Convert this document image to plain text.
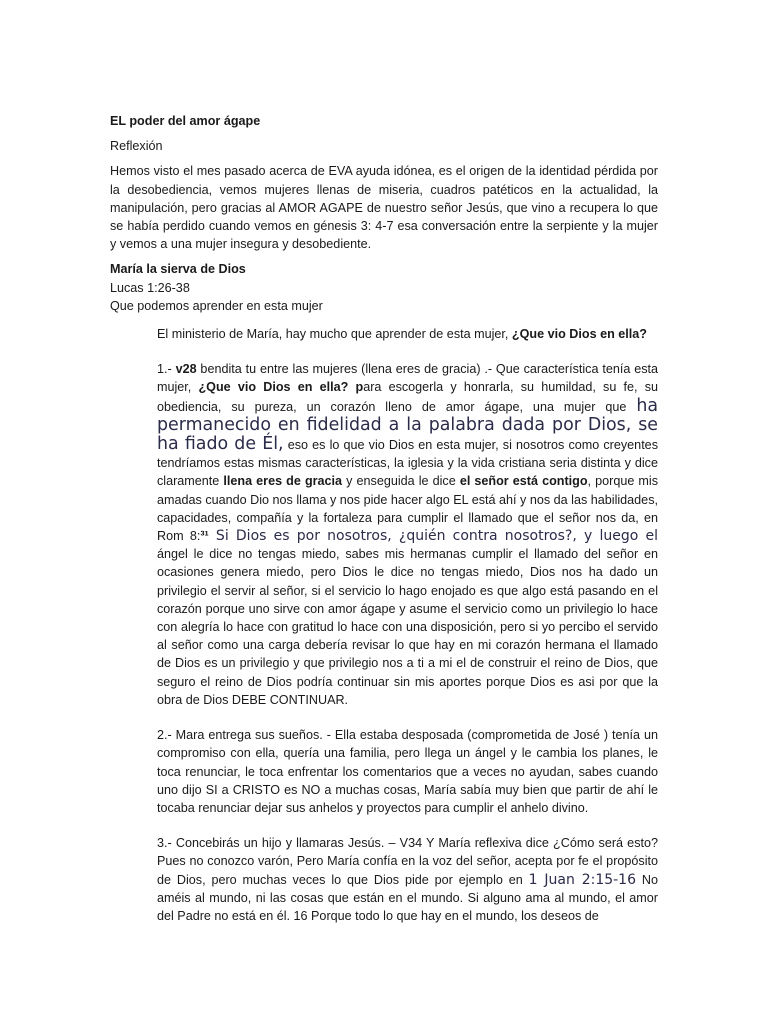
EL poder del amor ágape

Reflexión

Hemos visto el mes pasado acerca de EVA ayuda idónea, es el origen de la identidad pérdida por la desobediencia, vemos mujeres llenas de miseria, cuadros patéticos en la actualidad, la manipulación, pero gracias al AMOR AGAPE de nuestro señor Jesús, que vino a recupera lo que se había perdido cuando vemos en génesis 3: 4-7 esa conversación entre la serpiente y la mujer y vemos a una mujer insegura y desobediente.

María la sierva de Dios

Lucas 1:26-38

Que podemos aprender en esta mujer

El ministerio de María, hay mucho que aprender de esta mujer, ¿Que vio Dios en ella?

1.- v28 bendita tu entre las mujeres (llena eres de gracia) .- Que característica tenía esta mujer, ¿Que vio Dios en ella? para escogerla y honrarla, su humildad, su fe, su obediencia, su pureza, un corazón lleno de amor ágape, una mujer que ha permanecido en fidelidad a la palabra dada por Dios, se ha fiado de Él, eso es lo que vio Dios en esta mujer, si nosotros como creyentes tendríamos estas mismas características, la iglesia y la vida cristiana seria distinta y dice claramente llena eres de gracia y enseguida le dice el señor está contigo, porque mis amadas cuando Dio nos llama y nos pide hacer algo EL está ahí y nos da las habilidades, capacidades, compañía y la fortaleza para cumplir el llamado que el señor nos da, en Rom 8:³¹ Si Dios es por nosotros, ¿quién contra nosotros?, y luego el ángel le dice no tengas miedo, sabes mis hermanas cumplir el llamado del señor en ocasiones genera miedo, pero Dios le dice no tengas miedo, Dios nos ha dado un privilegio el servir al señor, si el servicio lo hago enojado es que algo está pasando en el corazón porque uno sirve con amor ágape y asume el servicio como un privilegio lo hace con alegría lo hace con gratitud lo hace con una disposición, pero si yo percibo el servido al señor como una carga debería revisar lo que hay en mi corazón hermana el llamado de Dios es un privilegio y que privilegio nos a ti a mi el de construir el reino de Dios, que seguro el reino de Dios podría continuar sin mis aportes porque Dios es asi por que la obra de Dios DEBE CONTINUAR.

2.- Mara entrega sus sueños. - Ella estaba desposada (comprometida de José ) tenía un compromiso con ella, quería una familia, pero llega un ángel y le cambia los planes, le toca renunciar, le toca enfrentar los comentarios que a veces no ayudan, sabes cuando uno dijo SI a CRISTO es NO a muchas cosas, María sabía muy bien que partir de ahí le tocaba renunciar dejar sus anhelos y proyectos para cumplir el anhelo divino.

3.- Concebirás un hijo y llamaras Jesús. – V34 Y María reflexiva dice ¿Cómo será esto? Pues no conozco varón, Pero María confía en la voz del señor, acepta por fe el propósito de Dios, pero muchas veces lo que Dios pide por ejemplo en 1 Juan 2:15-16 No améis al mundo, ni las cosas que están en el mundo. Si alguno ama al mundo, el amor del Padre no está en él. 16 Porque todo lo que hay en el mundo, los deseos de
